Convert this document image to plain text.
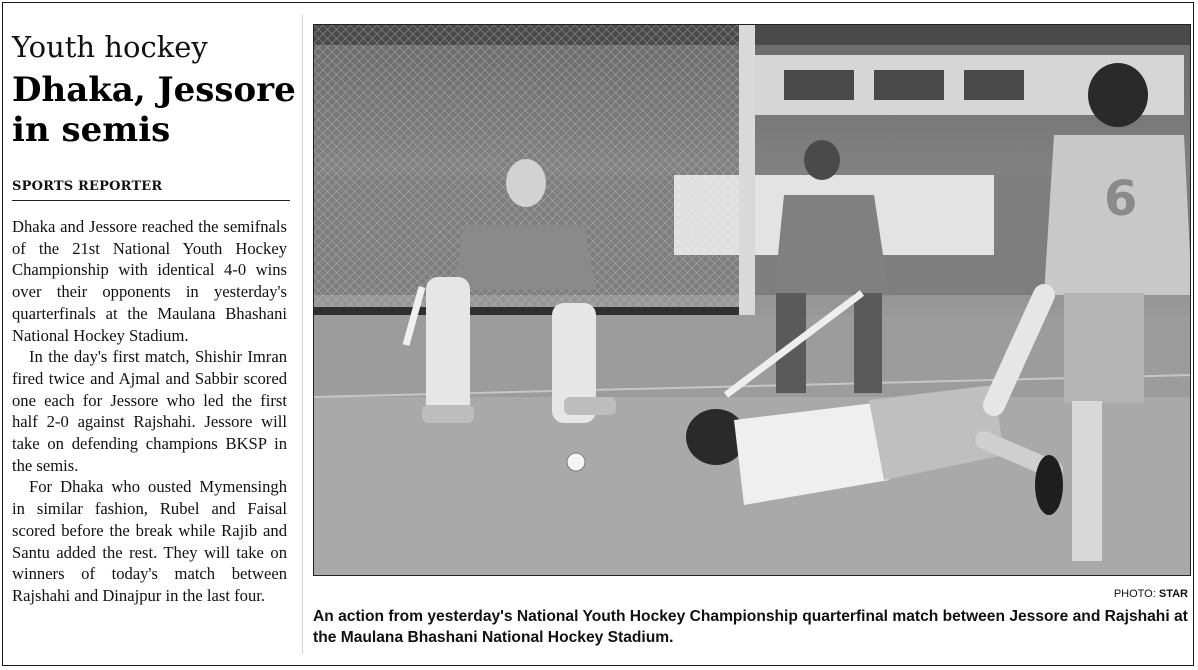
Youth hockey
Dhaka, Jessore in semis
SPORTS REPORTER

Dhaka and Jessore reached the semifnals of the 21st National Youth Hockey Championship with identical 4-0 wins over their opponents in yesterday's quarterfinals at the Maulana Bhashani National Hockey Stadium.

In the day's first match, Shishir Imran fired twice and Ajmal and Sabbir scored one each for Jessore who led the first half 2-0 against Rajshahi. Jessore will take on defending champions BKSP in the semis.

For Dhaka who ousted Mymensingh in similar fashion, Rubel and Faisal scored before the break while Rajib and Santu added the rest. They will take on winners of today's match between Rajshahi and Dinajpur in the last four.

6
PHOTO: STAR
An action from yesterday's National Youth Hockey Championship quarterfinal match between Jessore and Rajshahi at the Maulana Bhashani National Hockey Stadium.
